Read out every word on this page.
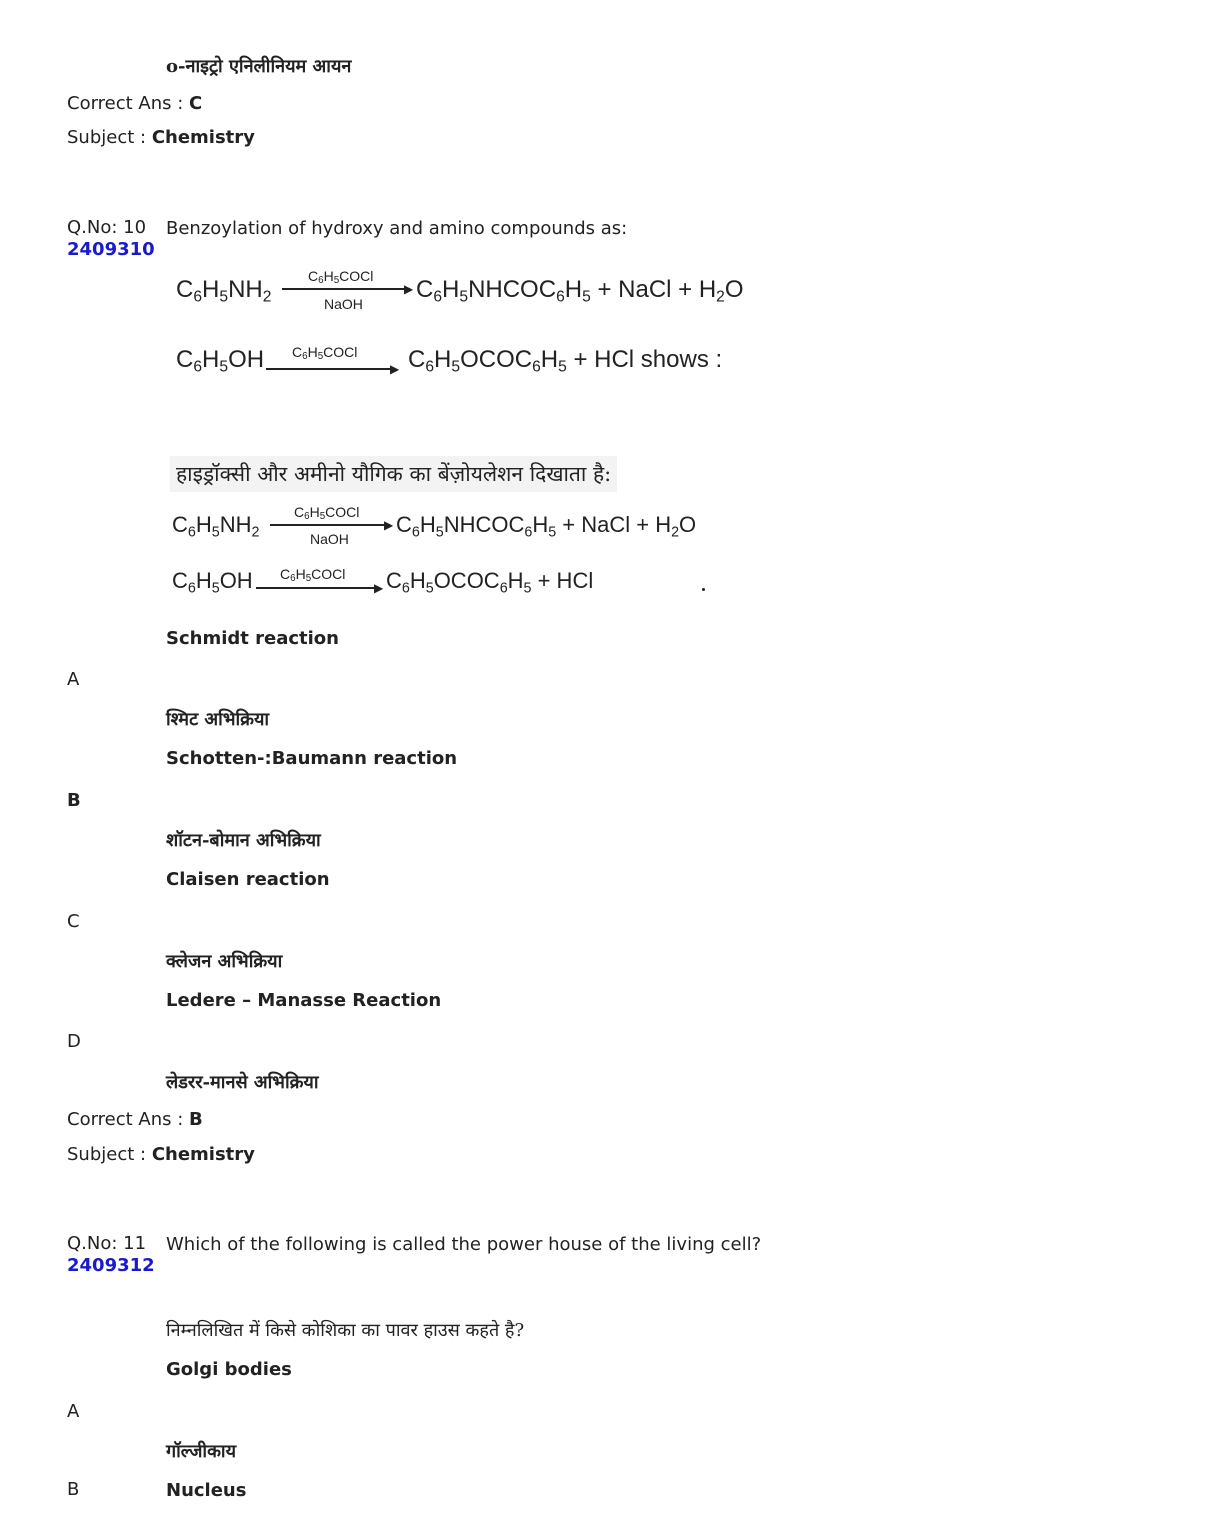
o-नाइट्रो एनिलीनियम आयन
Correct Ans : C
Subject : Chemistry
Q.No: 10
2409310
Benzoylation of hydroxy and amino compounds as:
$C_6H_5NH_2$
$C_6H_5COCl$
▶
NaOH
$C_6H_5NHCOC_6H_5$ + NaCl + $H_2O$
$C_6H_5OH$ $C_6H_5COCl$
▶ $C_6H_5OCOC_6H_5$ + HCl shows :
हाइड्रॉक्सी और अमीनो यौगिक का बेंज़ोयलेशन दिखाता है:
$C_6H_5NH_2$
$C_6H_5COCl$
▶
NaOH
$C_6H_5NHCOC_6H_5$ + NaCl + $H_2O$
$C_6H_5OH$ $C_6H_5COCl$
▶ $C_6H_5OCOC_6H_5$ + HCl
Schmidt reaction
A
श्मिट अभिक्रिया
Schotten-:Baumann reaction
B
शॉटन-बोमान अभिक्रिया
Claisen reaction
C
क्लेजन अभिक्रिया
Ledere – Manasse Reaction
D
लेडरर-मानसे अभिक्रिया
Correct Ans : B
Subject : Chemistry
Q.No: 11
2409312
Which of the following is called the power house of the living cell?
निम्नलिखित में किसे कोशिका का पावर हाउस कहते है?
Golgi bodies
A
गॉल्जीकाय
B	Nucleus
